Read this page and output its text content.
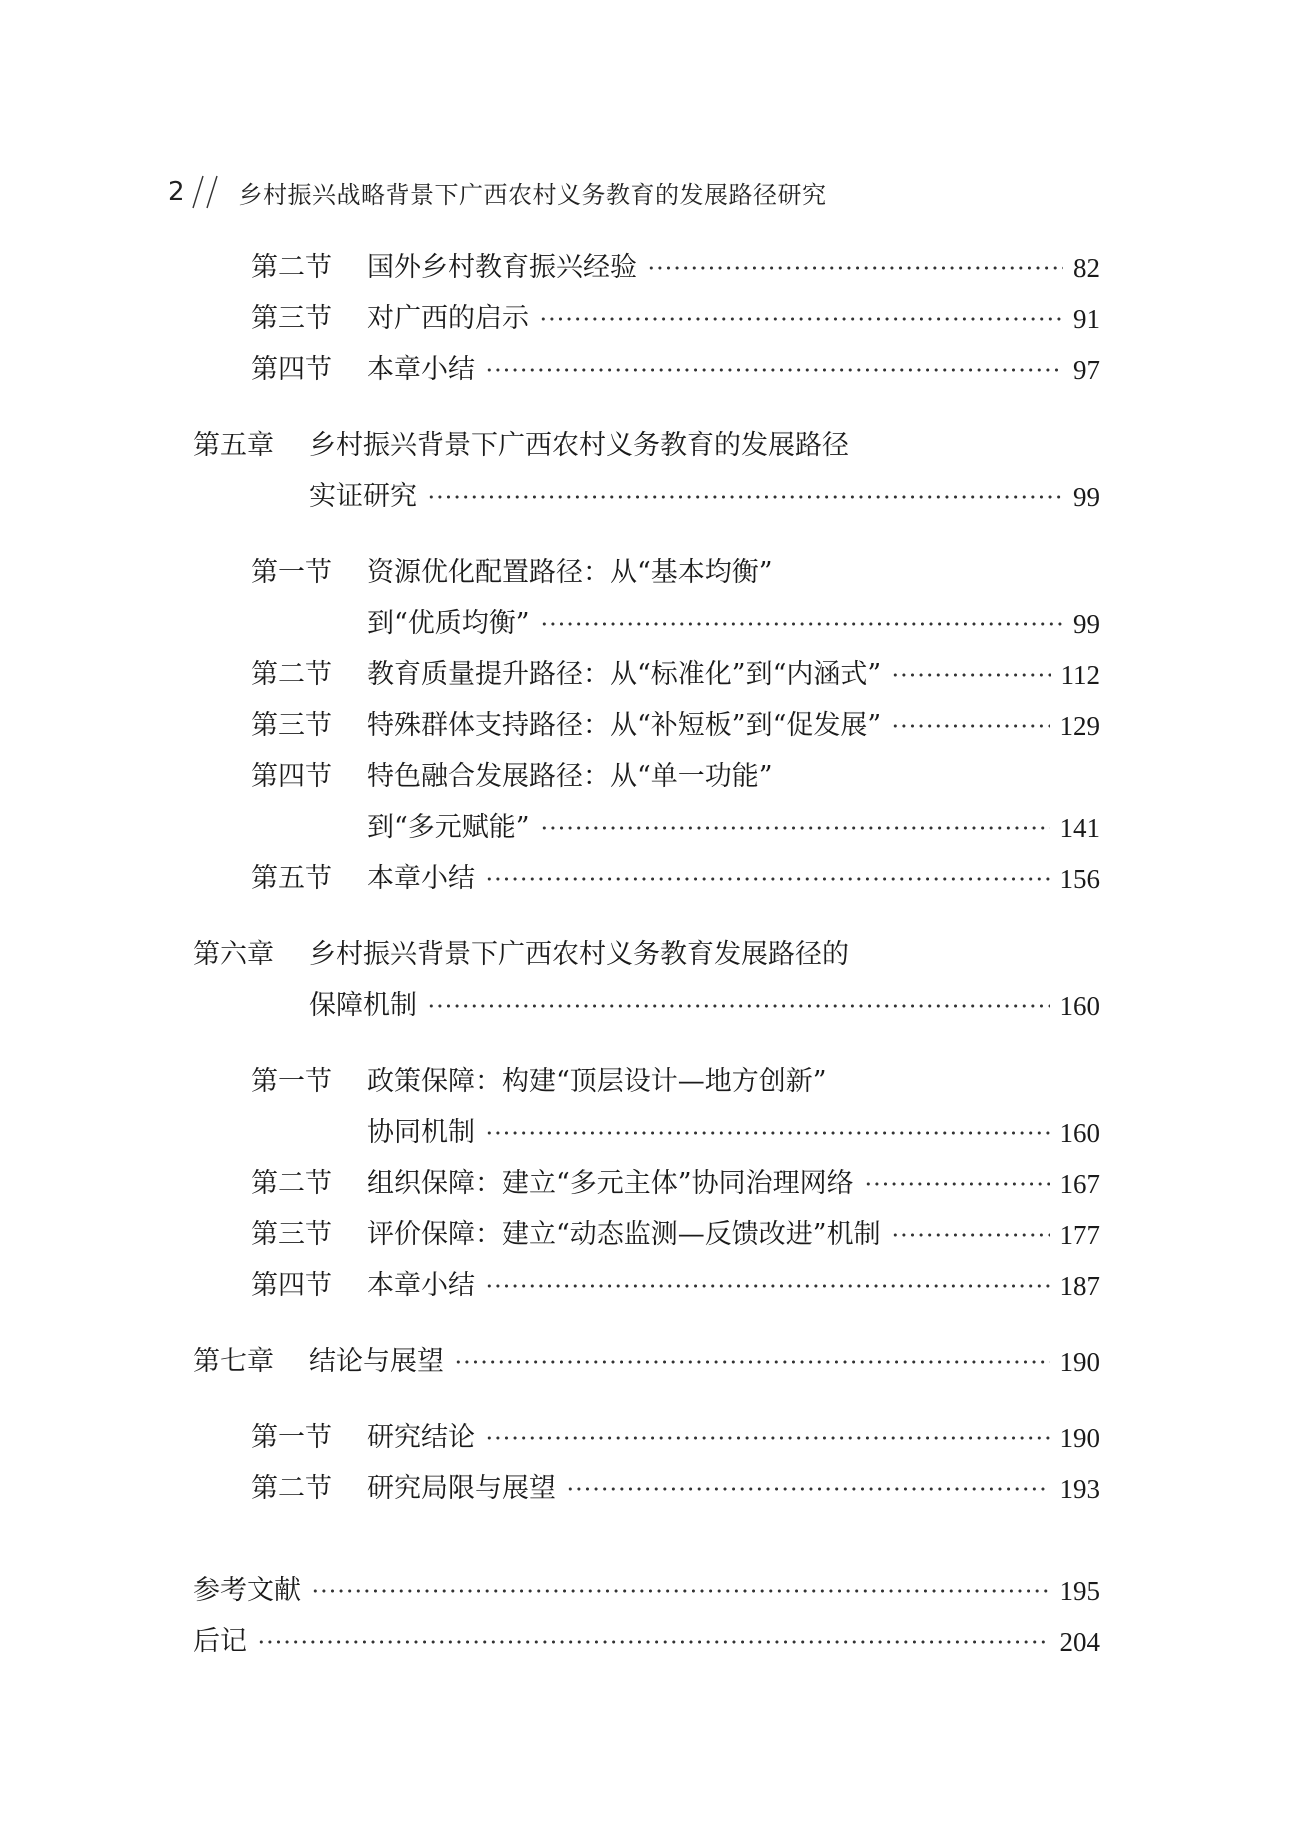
2 乡村振兴战略背景下广西农村义务教育的发展路径研究
第二节	国外乡村教育振兴经验	82
第三节	对广西的启示	91
第四节	本章小结	97
第五章	乡村振兴背景下广西农村义务教育的发展路径
实证研究	99
第一节	资源优化配置路径：从“基本均衡”
到“优质均衡”	99
第二节	教育质量提升路径：从“标准化”到“内涵式”	112
第三节	特殊群体支持路径：从“补短板”到“促发展”	129
第四节	特色融合发展路径：从“单一功能”
到“多元赋能”	141
第五节	本章小结	156
第六章	乡村振兴背景下广西农村义务教育发展路径的
保障机制	160
第一节	政策保障：构建“顶层设计—地方创新”
协同机制	160
第二节	组织保障：建立“多元主体”协同治理网络	167
第三节	评价保障：建立“动态监测—反馈改进”机制	177
第四节	本章小结	187
第七章	结论与展望	190
第一节	研究结论	190
第二节	研究局限与展望	193
参考文献	195
后记	204
